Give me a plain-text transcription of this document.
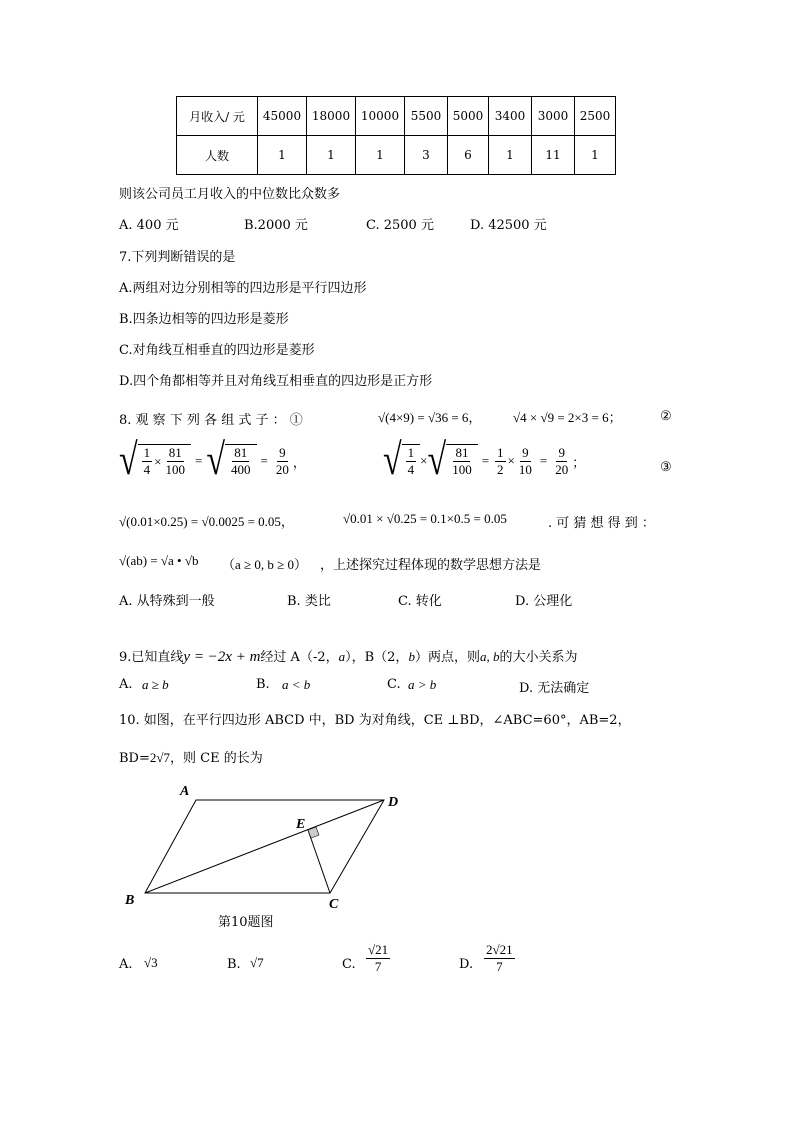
月收入/ 元	45000	18000	10000	5500	5000	3400	3000	2500
人数	1	1	1	3	6	1	11	1
则该公司员工月收入的中位数比众数多
A. 400 元	B.2000 元	C. 2500 元	D. 42500 元
7.下列判断错误的是
A.两组对边分别相等的四边形是平行四边形
B.四条边相等的四边形是菱形
C.对角线互相垂直的四边形是菱形
D.四个角都相等并且对角线互相垂直的四边形是正方形
8. 观 察 下 列 各 组 式 子 ： ①	√(4×9) = √36 = 6， √4 × √9 = 2×3 = 6；	②
√ $\frac{1}{4} \times \frac{81}{100}$ = √ $\frac{81}{400} = \frac{9}{20}$ ， √ $\frac{1}{4}$ × √ $\frac{81}{100} = \frac{1}{2} \times \frac{9}{10} = \frac{9}{20}$ ；	③
√(0.01×0.25) = √0.0025 = 0.05，	√0.01 × √0.25 = 0.1×0.5 = 0.05	. 可 猜 想 得 到 ：
√(ab) = √a • √b （a ≥ 0, b ≥ 0） ，上述探究过程体现的数学思想方法是
A. 从特殊到一般	B. 类比	C. 转化	D. 公理化
9.已知直线y = −2x + m经过 A（-2，a），B（2，b）两点，则a, b的大小关系为
A. a ≥ b	B. a < b	C. a > b	D. 无法确定
10. 如图，在平行四边形 ABCD 中，BD 为对角线，CE ⊥BD，∠ABC=60°，AB=2，
BD=2√7，则 CE 的长为
A
D
E
B	C
第10题图
A. √3	B. √7	C. $\frac{√21}{7}$	D. $\frac{2√21}{7}$
